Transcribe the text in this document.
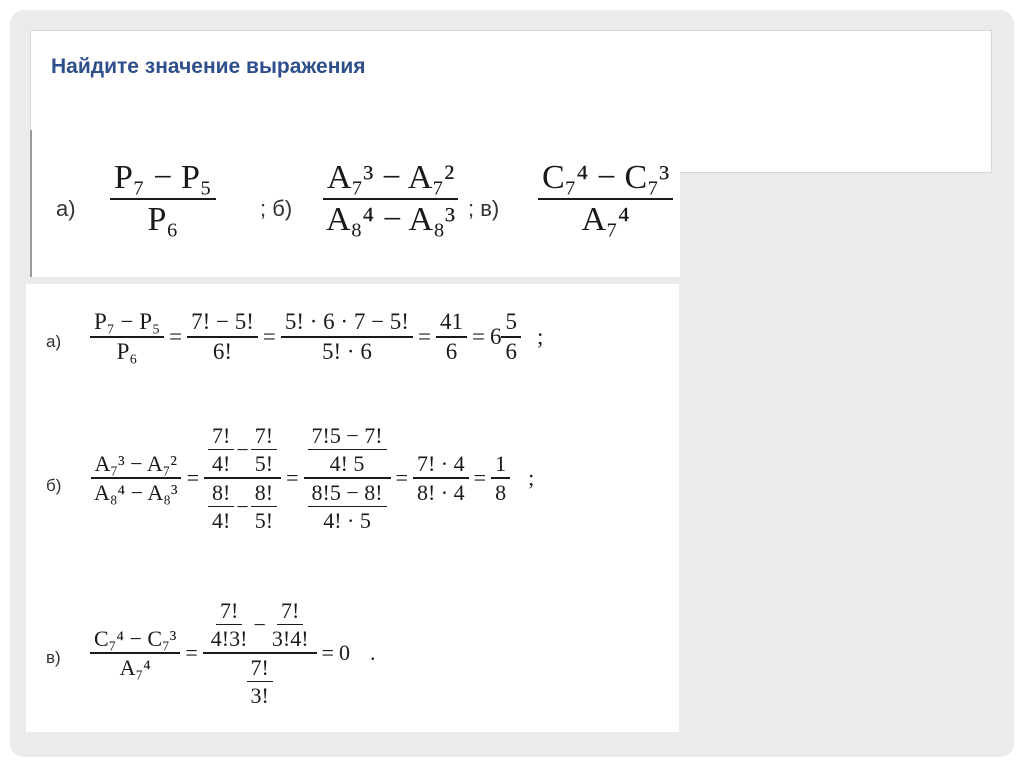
Найдите значение выражения
$а) \frac{\text{P₇ − P₅}}{\text{P₆}}$ ; $б) \frac{\text{A₇³ − A₇²}}{\text{A₈⁴ − A₈³}}$ ; $в) \frac{\text{C₇⁴ − C₇³}}{\text{A₇⁴}}$
$а) \frac{\text{P₇ − P₅}}{\text{P₆}} = \frac{7! - 5!}{6!} = \frac{5! \cdot 6 \cdot 7 - 5!}{5! \cdot 6} = \frac{41}{6} = 6 \frac{5}{6}$ ;
$б) \frac{\text{A₇³ − A₇²}}{\text{A₈⁴ − A₈³}} = \frac{\frac{7!}{4!} - \frac{7!}{5!}}{\frac{8!}{4!} - \frac{8!}{5!}} = \frac{\frac{7!5 - 7!}{4! 5}}{\frac{8!5 - 8!}{4! \cdot 5}} = \frac{7! \cdot 4}{8! \cdot 4} = \frac{1}{8}$ ;
$в) \frac{\text{C₇⁴ − C₇³}}{\text{A₇⁴}} = \frac{\frac{7!}{4!3!} - \frac{7!}{3!4!}}{\frac{7!}{3!}} = 0$ .
